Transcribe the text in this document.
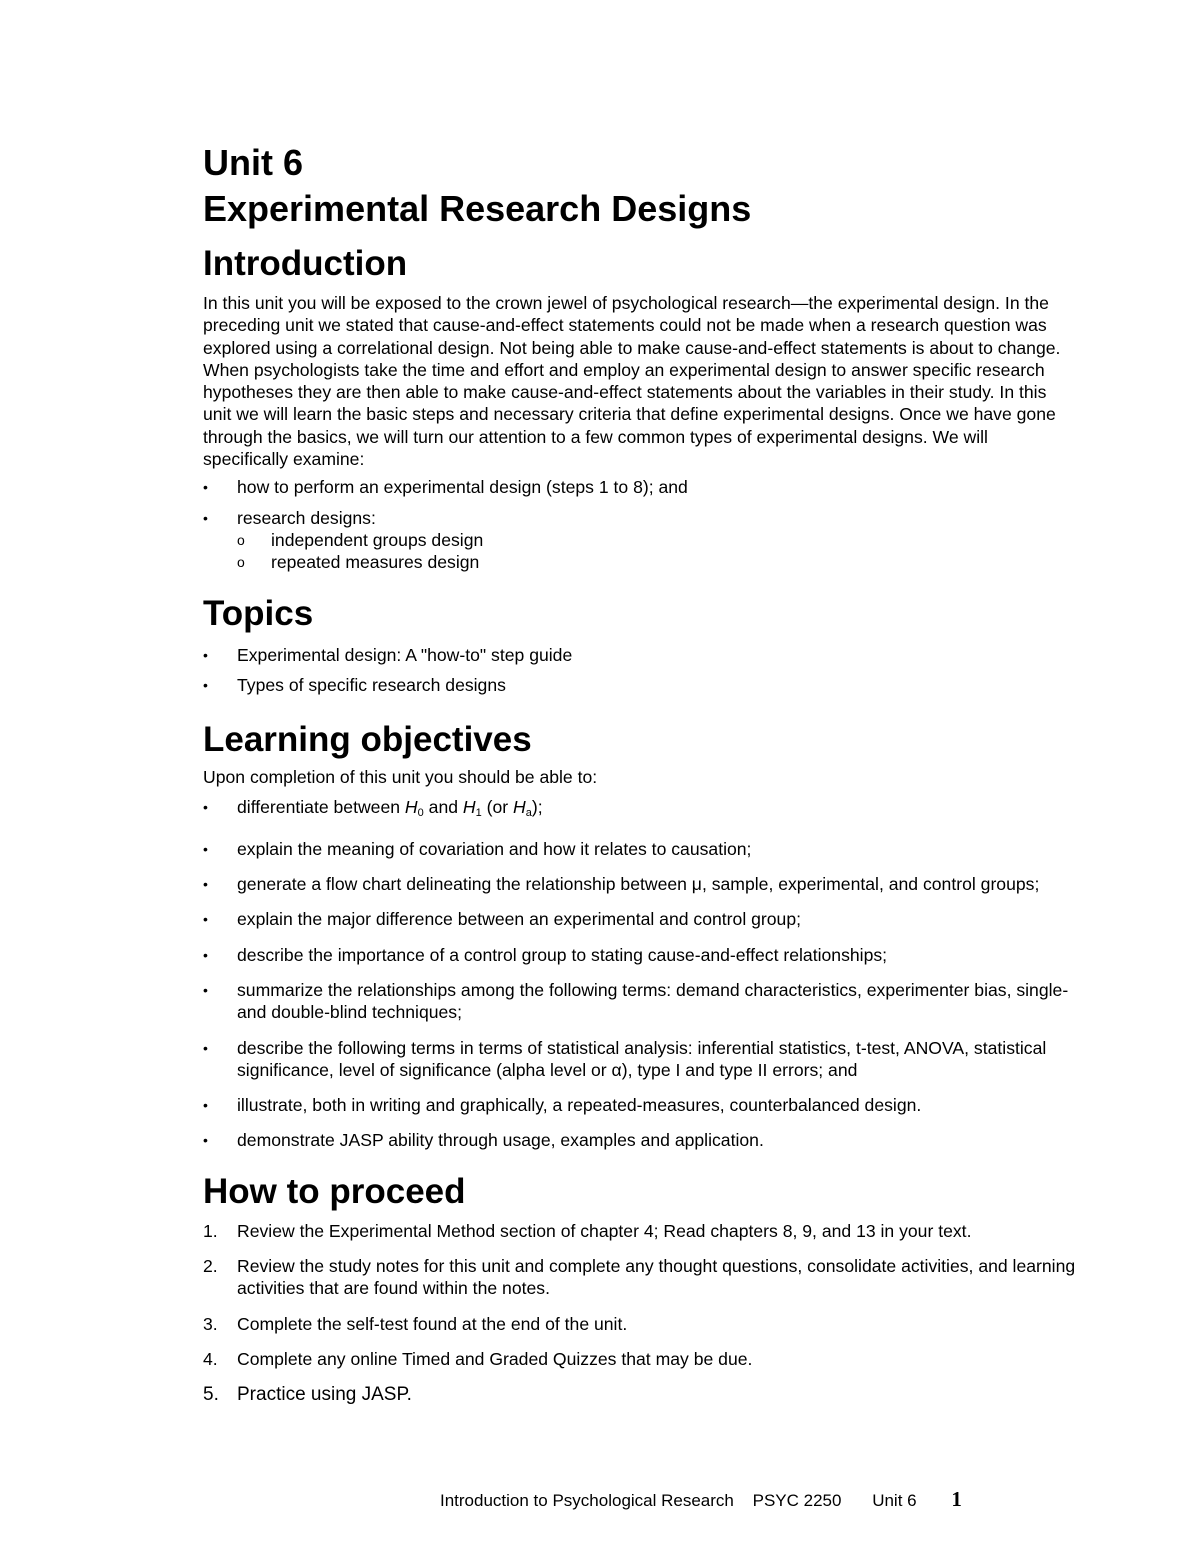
Unit 6
Experimental Research Designs
Introduction

In this unit you will be exposed to the crown jewel of psychological research—the experimental design. In the preceding unit we stated that cause-and-effect statements could not be made when a research question was explored using a correlational design. Not being able to make cause-and-effect statements is about to change. When psychologists take the time and effort and employ an experimental design to answer specific research hypotheses they are then able to make cause-and-effect statements about the variables in their study. In this unit we will learn the basic steps and necessary criteria that define experimental designs. Once we have gone through the basics, we will turn our attention to a few common types of experimental designs. We will specifically examine:

•	how to perform an experimental design (steps 1 to 8); and
•	research designs:
o independent groups design
o repeated measures design
Topics
•	Experimental design: A "how-to" step guide
•	Types of specific research designs
Learning objectives

Upon completion of this unit you should be able to:

•	differentiate between $H_0$ and $H_1$ (or $H_a$);
•	explain the meaning of covariation and how it relates to causation;
•	generate a flow chart delineating the relationship between μ, sample, experimental, and control groups;
•	explain the major difference between an experimental and control group;
•	describe the importance of a control group to stating cause-and-effect relationships;
•	summarize the relationships among the following terms: demand characteristics, experimenter bias, single- and double-blind techniques;
•	describe the following terms in terms of statistical analysis: inferential statistics, t-test, ANOVA, statistical significance, level of significance (alpha level or α), type I and type II errors; and
•	illustrate, both in writing and graphically, a repeated-measures, counterbalanced design.
•	demonstrate JASP ability through usage, examples and application.
How to proceed
1. Review the Experimental Method section of chapter 4; Read chapters 8, 9, and 13 in your text.
2. Review the study notes for this unit and complete any thought questions, consolidate activities, and learning activities that are found within the notes.
3. Complete the self-test found at the end of the unit.
4. Complete any online Timed and Graded Quizzes that may be due.
5. Practice using JASP.
Introduction to Psychological Research PSYC 2250 Unit 6 1
